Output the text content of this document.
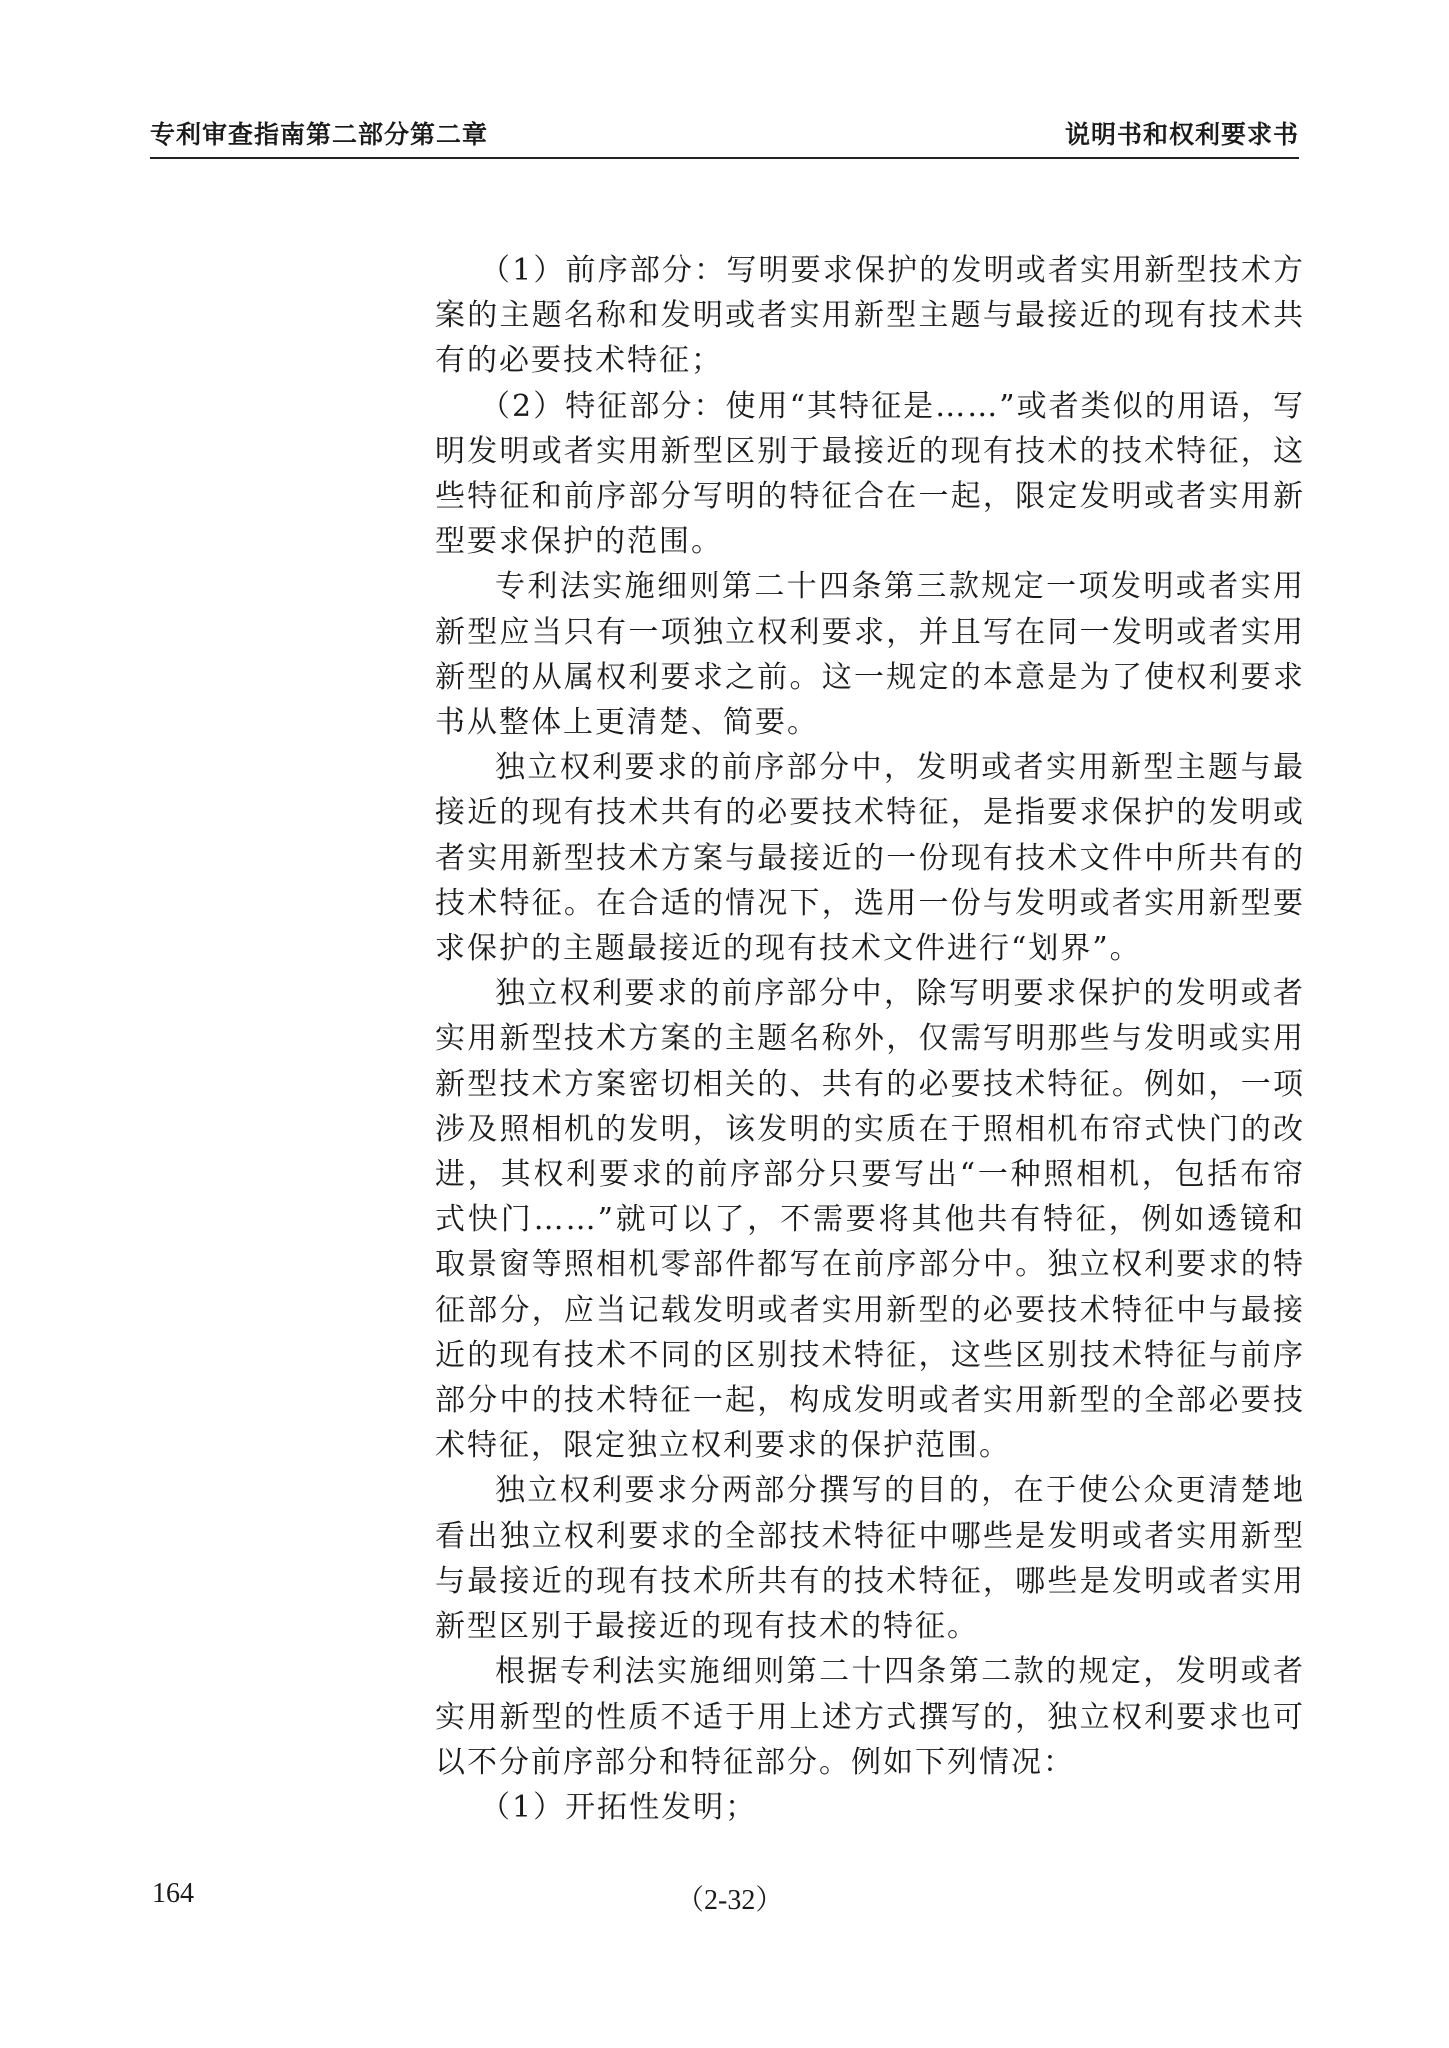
专利审查指南第二部分第二章	说明书和权利要求书

（1）前序部分：写明要求保护的发明或者实用新型技术方案的主题名称和发明或者实用新型主题与最接近的现有技术共有的必要技术特征；

（2）特征部分：使用“其特征是……”或者类似的用语，写明发明或者实用新型区别于最接近的现有技术的技术特征，这些特征和前序部分写明的特征合在一起，限定发明或者实用新型要求保护的范围。

专利法实施细则第二十四条第三款规定一项发明或者实用新型应当只有一项独立权利要求，并且写在同一发明或者实用新型的从属权利要求之前。这一规定的本意是为了使权利要求书从整体上更清楚、简要。

独立权利要求的前序部分中，发明或者实用新型主题与最接近的现有技术共有的必要技术特征，是指要求保护的发明或者实用新型技术方案与最接近的一份现有技术文件中所共有的技术特征。在合适的情况下，选用一份与发明或者实用新型要求保护的主题最接近的现有技术文件进行“划界”。

独立权利要求的前序部分中，除写明要求保护的发明或者实用新型技术方案的主题名称外，仅需写明那些与发明或实用新型技术方案密切相关的、共有的必要技术特征。例如，一项涉及照相机的发明，该发明的实质在于照相机布帘式快门的改进，其权利要求的前序部分只要写出“一种照相机，包括布帘式快门……”就可以了，不需要将其他共有特征，例如透镜和取景窗等照相机零部件都写在前序部分中。独立权利要求的特征部分，应当记载发明或者实用新型的必要技术特征中与最接近的现有技术不同的区别技术特征，这些区别技术特征与前序部分中的技术特征一起，构成发明或者实用新型的全部必要技术特征，限定独立权利要求的保护范围。

独立权利要求分两部分撰写的目的，在于使公众更清楚地看出独立权利要求的全部技术特征中哪些是发明或者实用新型与最接近的现有技术所共有的技术特征，哪些是发明或者实用新型区别于最接近的现有技术的特征。

根据专利法实施细则第二十四条第二款的规定，发明或者实用新型的性质不适于用上述方式撰写的，独立权利要求也可以不分前序部分和特征部分。例如下列情况：

（1）开拓性发明；

164	（2-32）
